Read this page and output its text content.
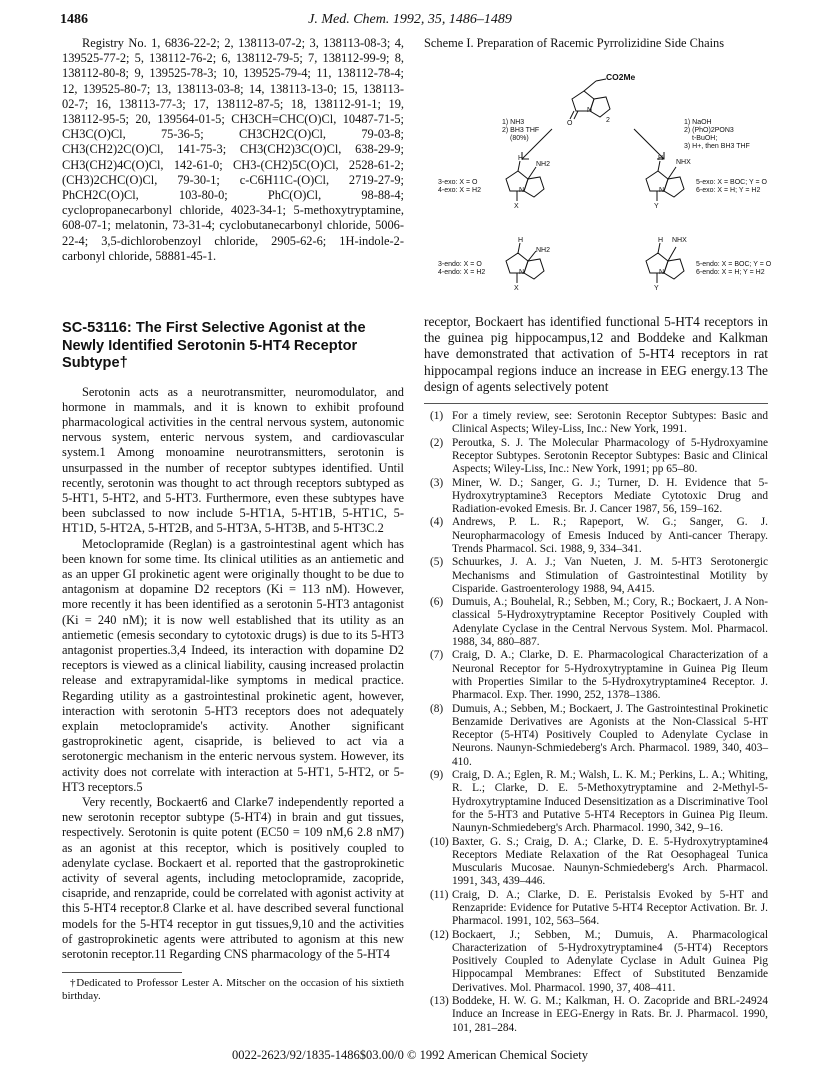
1486	J. Med. Chem. 1992, 35, 1486–1489

Registry No. 1, 6836-22-2; 2, 138113-07-2; 3, 138113-08-3; 4, 139525-77-2; 5, 138112-76-2; 6, 138112-79-5; 7, 138112-99-9; 8, 138112-80-8; 9, 139525-78-3; 10, 139525-79-4; 11, 138112-78-4; 12, 139525-80-7; 13, 138113-03-8; 14, 138113-13-0; 15, 138113-02-7; 16, 138113-77-3; 17, 138112-87-5; 18, 138112-91-1; 19, 138112-95-5; 20, 139564-01-5; CH3CH=CHC(O)Cl, 10487-71-5; CH3C(O)Cl, 75-36-5; CH3CH2C(O)Cl, 79-03-8; CH3(CH2)2C(O)Cl, 141-75-3; CH3(CH2)3C(O)Cl, 638-29-9; CH3(CH2)4C(O)Cl, 142-61-0; CH3-(CH2)5C(O)Cl, 2528-61-2; (CH3)2CHC(O)Cl, 79-30-1; c-C6H11C-(O)Cl, 2719-27-9; PhCH2C(O)Cl, 103-80-0; PhC(O)Cl, 98-88-4; cyclopropanecarbonyl chloride, 4023-34-1; 5-methoxytryptamine, 608-07-1; melatonin, 73-31-4; cyclobutanecarbonyl chloride, 5006-22-4; 3,5-dichlorobenzoyl chloride, 2905-62-6; 1H-indole-2-carbonyl chloride, 58881-45-1.

SC-53116: The First Selective Agonist at the Newly Identified Serotonin 5-HT4 Receptor Subtype†

Serotonin acts as a neurotransmitter, neuromodulator, and hormone in mammals, and it is known to exhibit profound pharmacological activities in the central nervous system, autonomic nervous system, enteric nervous system, and cardiovascular system.1 Among monoamine neurotransmitters, serotonin is unsurpassed in the number of receptor subtypes identified. Until recently, serotonin was thought to act through receptors subtyped as 5-HT1, 5-HT2, and 5-HT3. Furthermore, even these subtypes have been subclassed to now include 5-HT1A, 5-HT1B, 5-HT1C, 5-HT1D, 5-HT2A, 5-HT2B, and 5-HT3A, 5-HT3B, and 5-HT3C.2

Metoclopramide (Reglan) is a gastrointestinal agent which has been known for some time. Its clinical utilities as an antiemetic and as an upper GI prokinetic agent were originally thought to be due to antagonism at dopamine D2 receptors (Ki = 113 nM). However, more recently it has been identified as a serotonin 5-HT3 antagonist (Ki = 240 nM); it is now well established that its utility as an antiemetic (emesis secondary to cytotoxic drugs) is due to its 5-HT3 antagonist properties.3,4 Indeed, its interaction with dopamine D2 receptors is viewed as a clinical liability, causing increased prolactin release and extrapyramidal-like symptoms in medical practice. Regarding utility as a gastrointestinal prokinetic agent, however, interaction with serotonin 5-HT3 receptors does not adequately explain metoclopramide's activity. Another significant gastroprokinetic agent, cisapride, is believed to act via a serotonergic mechanism in the enteric nervous system. However, its activity does not correlate with interaction at 5-HT1, 5-HT2, or 5-HT3 receptors.5

Very recently, Bockaert6 and Clarke7 independently reported a new serotonin receptor subtype (5-HT4) in brain and gut tissues, respectively. Serotonin is quite potent (EC50 = 109 nM,6 2.8 nM7) as an agonist at this receptor, which is positively coupled to adenylate cyclase. Bockaert et al. reported that the gastroprokinetic activity of several agents, including metoclopramide, zacopride, cisapride, and renzapride, could be correlated with agonist activity at this 5-HT4 receptor.8 Clarke et al. have described several functional models for the 5-HT4 receptor in gut tissues,9,10 and the activities of gastroprokinetic agents were attributed to agonism at this new serotonin receptor.11 Regarding CNS pharmacology of the 5-HT4

†Dedicated to Professor Lester A. Mitscher on the occasion of his sixtieth birthday.

Scheme I. Preparation of Racemic Pyrrolizidine Side Chains

CO2Me
N
O	2
1) NH3
2) BH3 THF
(80%)
1) NaOH
2) (PhO)2PON3
t-BuOH;
3) H+, then BH3 THF
3-exo: X = O
4-exo: X = H2
H
NH2
N
X
H
NHX
N
Y
5-exo: X = BOC; Y = O
6-exo: X = H; Y = H2
3-endo: X = O
4-endo: X = H2
H
NH2
N
X
H NHX
N
Y
5-endo: X = BOC; Y = O
6-endo: X = H; Y = H2

receptor, Bockaert has identified functional 5-HT4 receptors in the guinea pig hippocampus,12 and Boddeke and Kalkman have demonstrated that activation of 5-HT4 receptors in rat hippocampal regions induce an increase in EEG energy.13 The design of agents selectively potent

(1) For a timely review, see: Serotonin Receptor Subtypes: Basic and Clinical Aspects; Wiley-Liss, Inc.: New York, 1991.

(2) Peroutka, S. J. The Molecular Pharmacology of 5-Hydroxyamine Receptor Subtypes. Serotonin Receptor Subtypes: Basic and Clinical Aspects; Wiley-Liss, Inc.: New York, 1991; pp 65–80.

(3) Miner, W. D.; Sanger, G. J.; Turner, D. H. Evidence that 5-Hydroxytryptamine3 Receptors Mediate Cytotoxic Drug and Radiation-evoked Emesis. Br. J. Cancer 1987, 56, 159–162.

(4) Andrews, P. L. R.; Rapeport, W. G.; Sanger, G. J. Neuropharmacology of Emesis Induced by Anti-cancer Therapy. Trends Pharmacol. Sci. 1988, 9, 334–341.

(5) Schuurkes, J. A. J.; Van Nueten, J. M. 5-HT3 Serotonergic Mechanisms and Stimulation of Gastrointestinal Motility by Cisparide. Gastroenterology 1988, 94, A415.

(6) Dumuis, A.; Bouhelal, R.; Sebben, M.; Cory, R.; Bockaert, J. A Non-classical 5-Hydroxytryptamine Receptor Positively Coupled with Adenylate Cyclase in the Central Nervous System. Mol. Pharmacol. 1988, 34, 880–887.

(7) Craig, D. A.; Clarke, D. E. Pharmacological Characterization of a Neuronal Receptor for 5-Hydroxytryptamine in Guinea Pig Ileum with Properties Similar to the 5-Hydroxytryptamine4 Receptor. J. Pharmacol. Exp. Ther. 1990, 252, 1378–1386.

(8) Dumuis, A.; Sebben, M.; Bockaert, J. The Gastrointestinal Prokinetic Benzamide Derivatives are Agonists at the Non-Classical 5-HT Receptor (5-HT4) Positively Coupled to Adenylate Cyclase in Neurons. Naunyn-Schmiedeberg's Arch. Pharmacol. 1989, 340, 403–410.

(9) Craig, D. A.; Eglen, R. M.; Walsh, L. K. M.; Perkins, L. A.; Whiting, R. L.; Clarke, D. E. 5-Methoxytryptamine and 2-Methyl-5-Hydroxytryptamine Induced Desensitization as a Discriminative Tool for the 5-HT3 and Putative 5-HT4 Receptors in Guinea Pig Ileum. Naunyn-Schmiedeberg's Arch. Pharmacol. 1990, 342, 9–16.

(10) Baxter, G. S.; Craig, D. A.; Clarke, D. E. 5-Hydroxytryptamine4 Receptors Mediate Relaxation of the Rat Oesophageal Tunica Muscularis Mucosae. Naunyn-Schmiedeberg's Arch. Pharmacol. 1991, 343, 439–446.

(11) Craig, D. A.; Clarke, D. E. Peristalsis Evoked by 5-HT and Renzapride: Evidence for Putative 5-HT4 Receptor Activation. Br. J. Pharmacol. 1991, 102, 563–564.

(12) Bockaert, J.; Sebben, M.; Dumuis, A. Pharmacological Characterization of 5-Hydroxytryptamine4 (5-HT4) Receptors Positively Coupled to Adenylate Cyclase in Adult Guinea Pig Hippocampal Membranes: Effect of Substituted Benzamide Derivatives. Mol. Pharmacol. 1990, 37, 408–411.

(13) Boddeke, H. W. G. M.; Kalkman, H. O. Zacopride and BRL-24924 Induce an Increase in EEG-Energy in Rats. Br. J. Pharmacol. 1990, 101, 281–284.

0022-2623/92/1835-1486$03.00/0 © 1992 American Chemical Society
